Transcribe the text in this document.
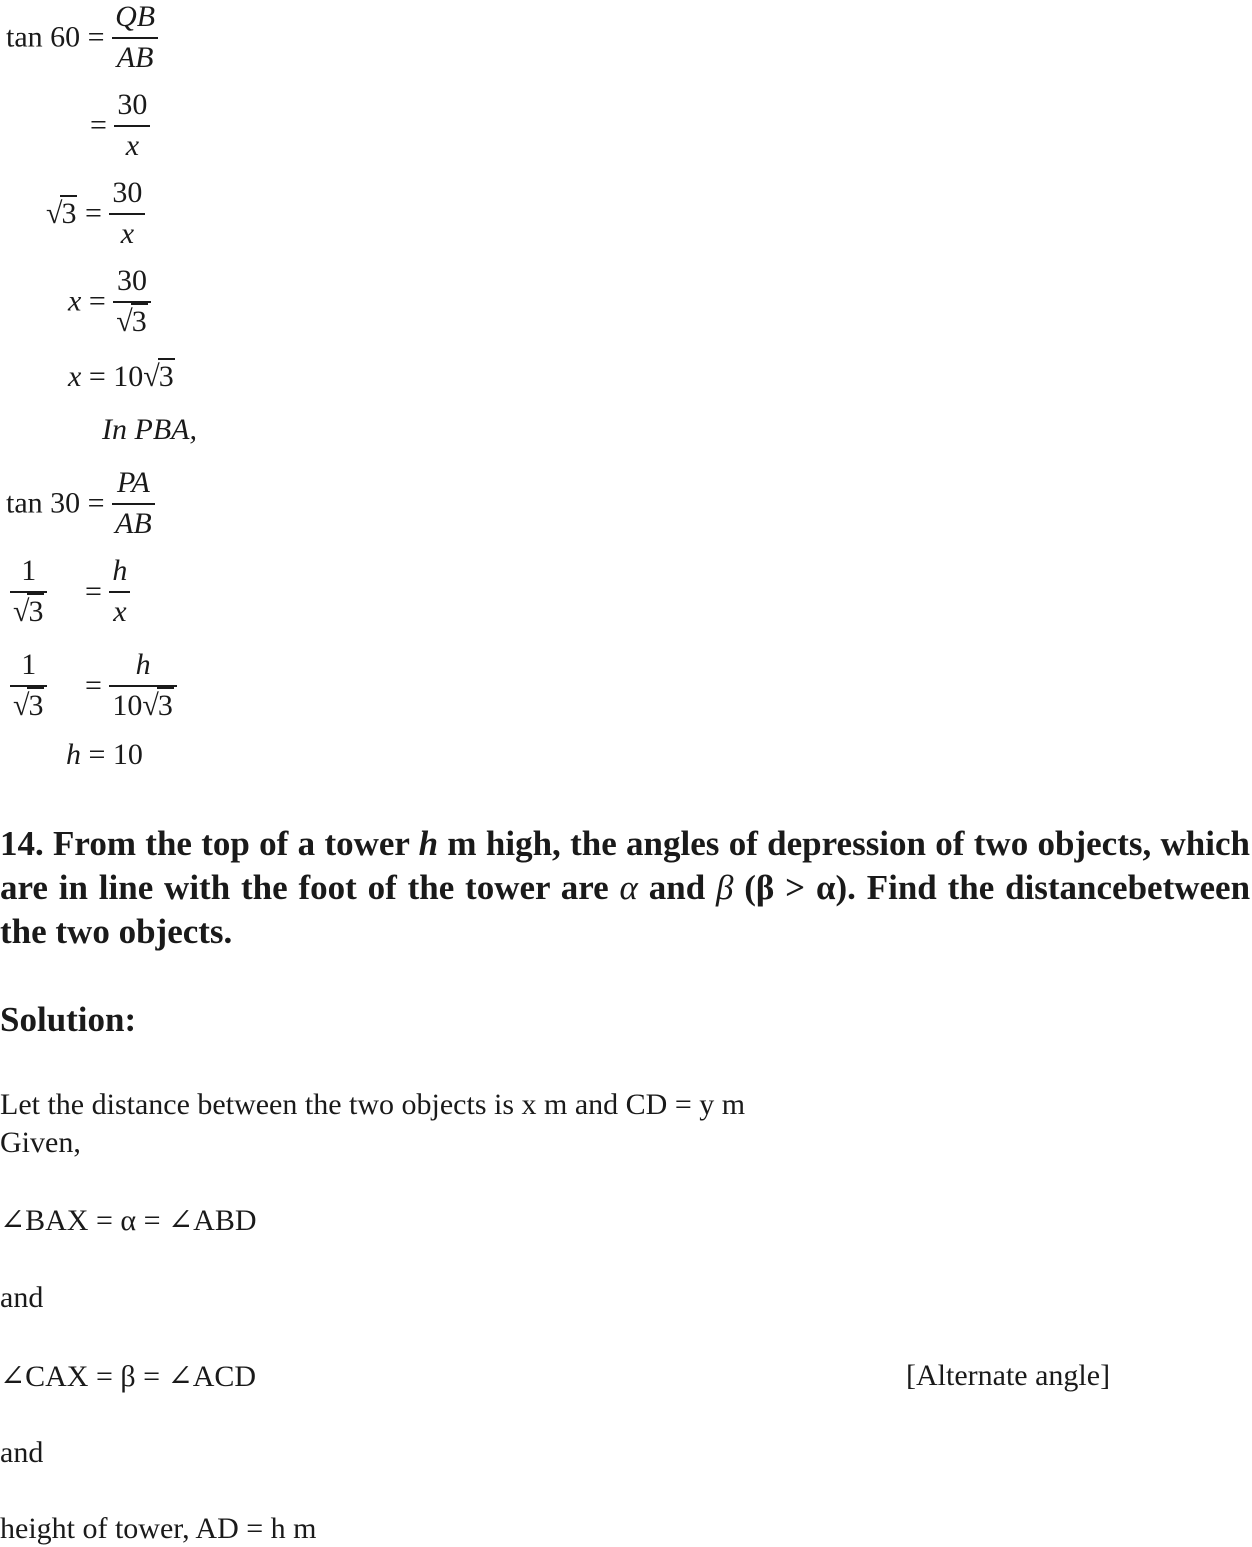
$\tan 60 = \frac{QB}{AB}$
= $\frac{30}{x}$
$√3 = \frac{30}{x}$
$x = \frac{30}{√3}$
x = 10√3
In PBA,
$\tan 30 = \frac{PA}{AB}$
$\frac{1}{√3} = \frac{h}{x}$
$\frac{1}{√3} = \frac{h}{10√3}$
h = 10
14. From the top of a tower h m high, the angles of depression of two objects, which are in line with the foot of the tower are α and β (β > α). Find the distancebetween the two objects.
Solution:
Let the distance between the two objects is x m and CD = y m
Given,
∠BAX = α = ∠ABD
and
∠CAX = β = ∠ACD	[Alternate angle]
and
height of tower, AD = h m
